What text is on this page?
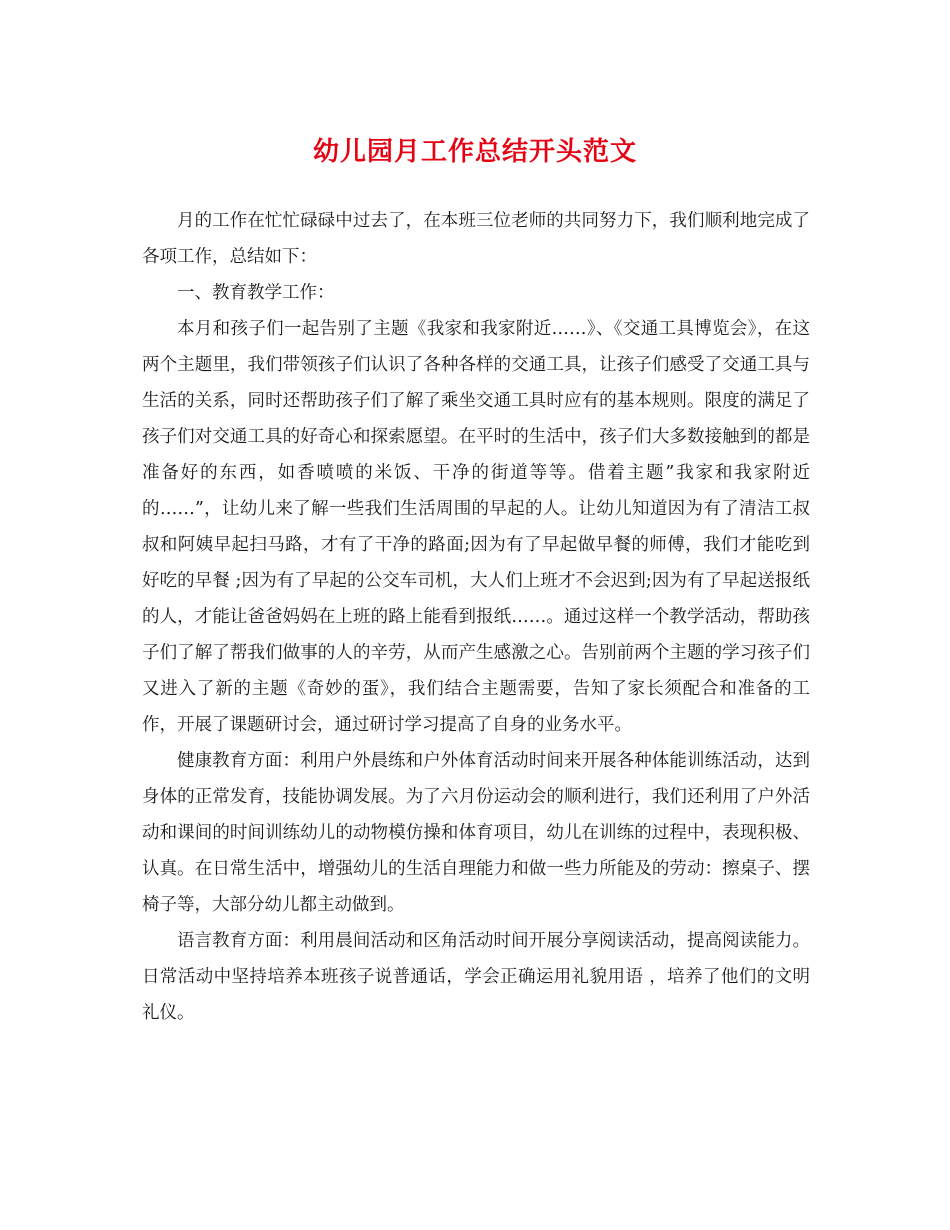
幼儿园月工作总结开头范文

月的工作在忙忙碌碌中过去了，在本班三位老师的共同努力下，我们顺利地完成了各项工作，总结如下：

一、教育教学工作：

本月和孩子们一起告别了主题《我家和我家附近……》、《交通工具博览会》，在这两个主题里，我们带领孩子们认识了各种各样的交通工具，让孩子们感受了交通工具与生活的关系，同时还帮助孩子们了解了乘坐交通工具时应有的基本规则。限度的满足了孩子们对交通工具的好奇心和探索愿望。在平时的生活中，孩子们大多数接触到的都是准备好的东西，如香喷喷的米饭、干净的街道等等。借着主题”我家和我家附近的……”，让幼儿来了解一些我们生活周围的早起的人。让幼儿知道因为有了清洁工叔叔和阿姨早起扫马路，才有了干净的路面;因为有了早起做早餐的师傅，我们才能吃到好吃的早餐 ;因为有了早起的公交车司机，大人们上班才不会迟到;因为有了早起送报纸的人，才能让爸爸妈妈在上班的路上能看到报纸……。通过这样一个教学活动，帮助孩子们了解了帮我们做事的人的辛劳，从而产生感激之心。告别前两个主题的学习孩子们又进入了新的主题《奇妙的蛋》，我们结合主题需要，告知了家长须配合和准备的工作，开展了课题研讨会，通过研讨学习提高了自身的业务水平。

健康教育方面：利用户外晨练和户外体育活动时间来开展各种体能训练活动，达到身体的正常发育，技能协调发展。为了六月份运动会的顺利进行，我们还利用了户外活动和课间的时间训练幼儿的动物模仿操和体育项目，幼儿在训练的过程中，表现积极、认真。在日常生活中，增强幼儿的生活自理能力和做一些力所能及的劳动：擦桌子、摆椅子等，大部分幼儿都主动做到。

语言教育方面：利用晨间活动和区角活动时间开展分享阅读活动，提高阅读能力。日常活动中坚持培养本班孩子说普通话，学会正确运用礼貌用语 ，培养了他们的文明礼仪。
